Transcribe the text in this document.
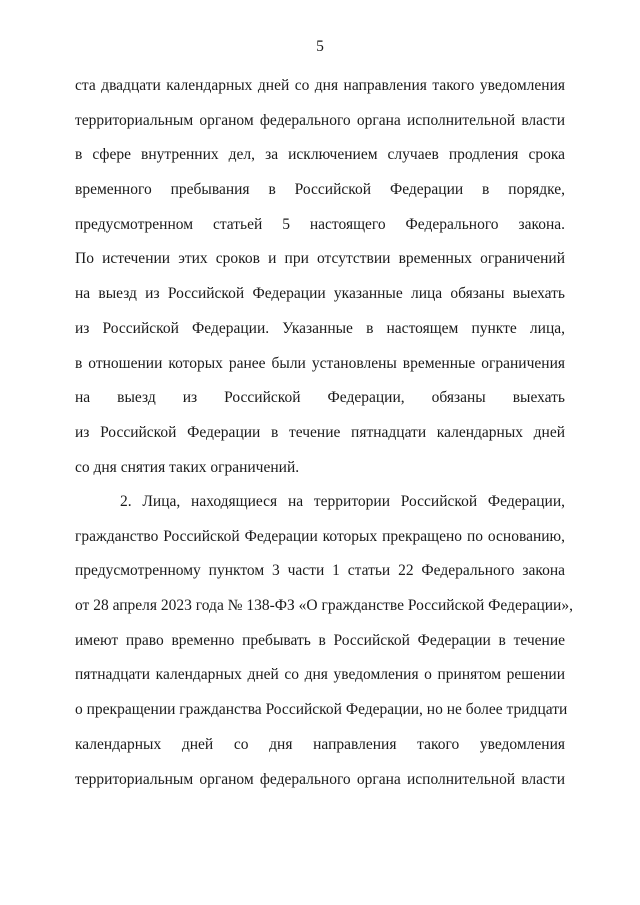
5
ста двадцати календарных дней со дня направления такого уведомления
территориальным органом федерального органа исполнительной власти
в сфере внутренних дел, за исключением случаев продления срока
временного пребывания в Российской Федерации в порядке,
предусмотренном статьей 5 настоящего Федерального закона.
По истечении этих сроков и при отсутствии временных ограничений
на выезд из Российской Федерации указанные лица обязаны выехать
из Российской Федерации. Указанные в настоящем пункте лица,
в отношении которых ранее были установлены временные ограничения
на выезд из Российской Федерации, обязаны выехать
из Российской Федерации в течение пятнадцати календарных дней
со дня снятия таких ограничений.
2. Лица, находящиеся на территории Российской Федерации,
гражданство Российской Федерации которых прекращено по основанию,
предусмотренному пунктом 3 части 1 статьи 22 Федерального закона
от 28 апреля 2023 года № 138-ФЗ «О гражданстве Российской Федерации»,
имеют право временно пребывать в Российской Федерации в течение
пятнадцати календарных дней со дня уведомления о принятом решении
о прекращении гражданства Российской Федерации, но не более тридцати
календарных дней со дня направления такого уведомления
территориальным органом федерального органа исполнительной власти
